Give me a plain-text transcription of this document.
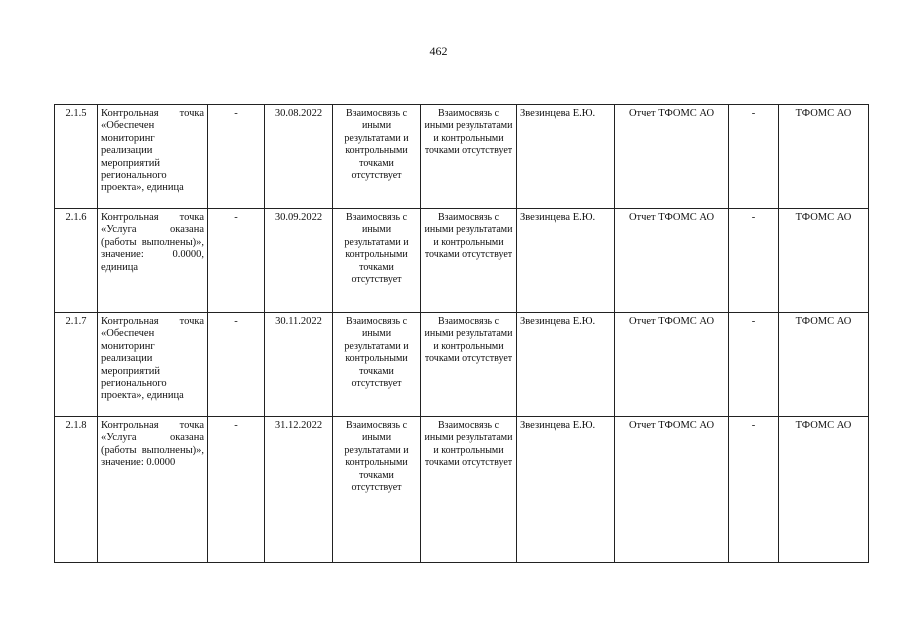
462
2.1.5	Контрольная точка «Обеспечен мониторинг реализации мероприятий регионального проекта», единица	-	30.08.2022	Взаимосвязь с иными результатами и контрольными точками отсутствует	Взаимосвязь с иными результатами и контрольными точками отсутствует	Звезинцева Е.Ю.	Отчет ТФОМС АО	-	ТФОМС АО
2.1.6	Контрольная точка «Услуга оказана (работы выполнены)», значение: 0.0000, единица	-	30.09.2022	Взаимосвязь с иными результатами и контрольными точками отсутствует	Взаимосвязь с иными результатами и контрольными точками отсутствует	Звезинцева Е.Ю.	Отчет ТФОМС АО	-	ТФОМС АО
2.1.7	Контрольная точка «Обеспечен мониторинг реализации мероприятий регионального проекта», единица	-	30.11.2022	Взаимосвязь с иными результатами и контрольными точками отсутствует	Взаимосвязь с иными результатами и контрольными точками отсутствует	Звезинцева Е.Ю.	Отчет ТФОМС АО	-	ТФОМС АО
2.1.8	Контрольная точка «Услуга оказана (работы выполнены)», значение: 0.0000	-	31.12.2022	Взаимосвязь с иными результатами и контрольными точками отсутствует	Взаимосвязь с иными результатами и контрольными точками отсутствует	Звезинцева Е.Ю.	Отчет ТФОМС АО	-	ТФОМС АО
